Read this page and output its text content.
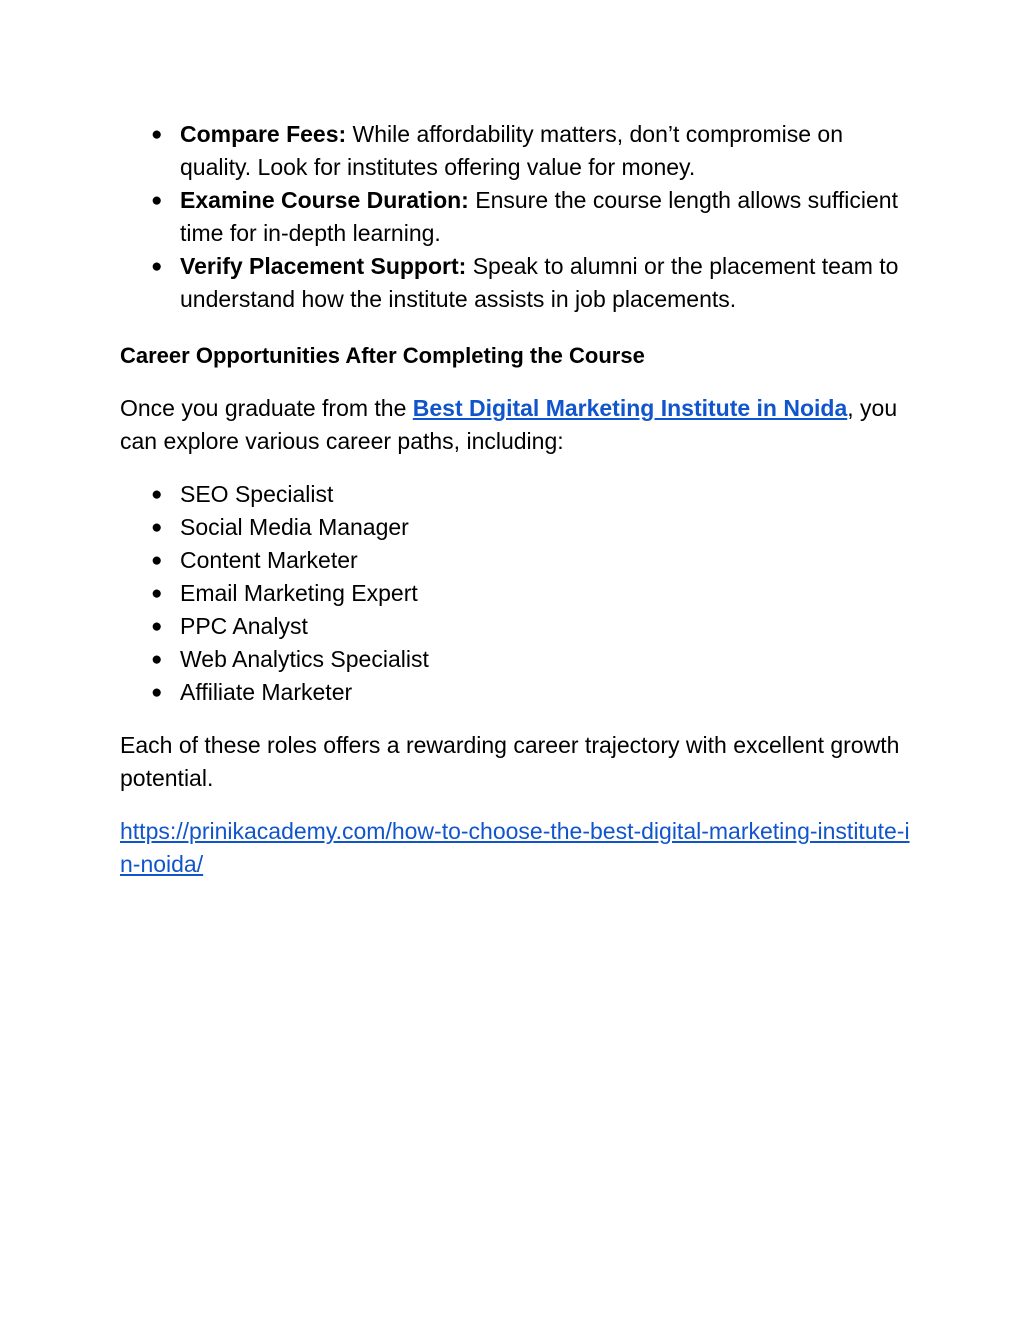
● Compare Fees: While affordability matters, don’t compromise on quality. Look for institutes offering value for money.
● Examine Course Duration: Ensure the course length allows sufficient time for in-depth learning.
● Verify Placement Support: Speak to alumni or the placement team to understand how the institute assists in job placements.
Career Opportunities After Completing the Course

Once you graduate from the Best Digital Marketing Institute in Noida, you can explore various career paths, including:

● SEO Specialist
● Social Media Manager
● Content Marketer
● Email Marketing Expert
● PPC Analyst
● Web Analytics Specialist
● Affiliate Marketer

Each of these roles offers a rewarding career trajectory with excellent growth potential.

https://prinikacademy.com/how-to-choose-the-best-digital-marketing-institute-in-noida/
